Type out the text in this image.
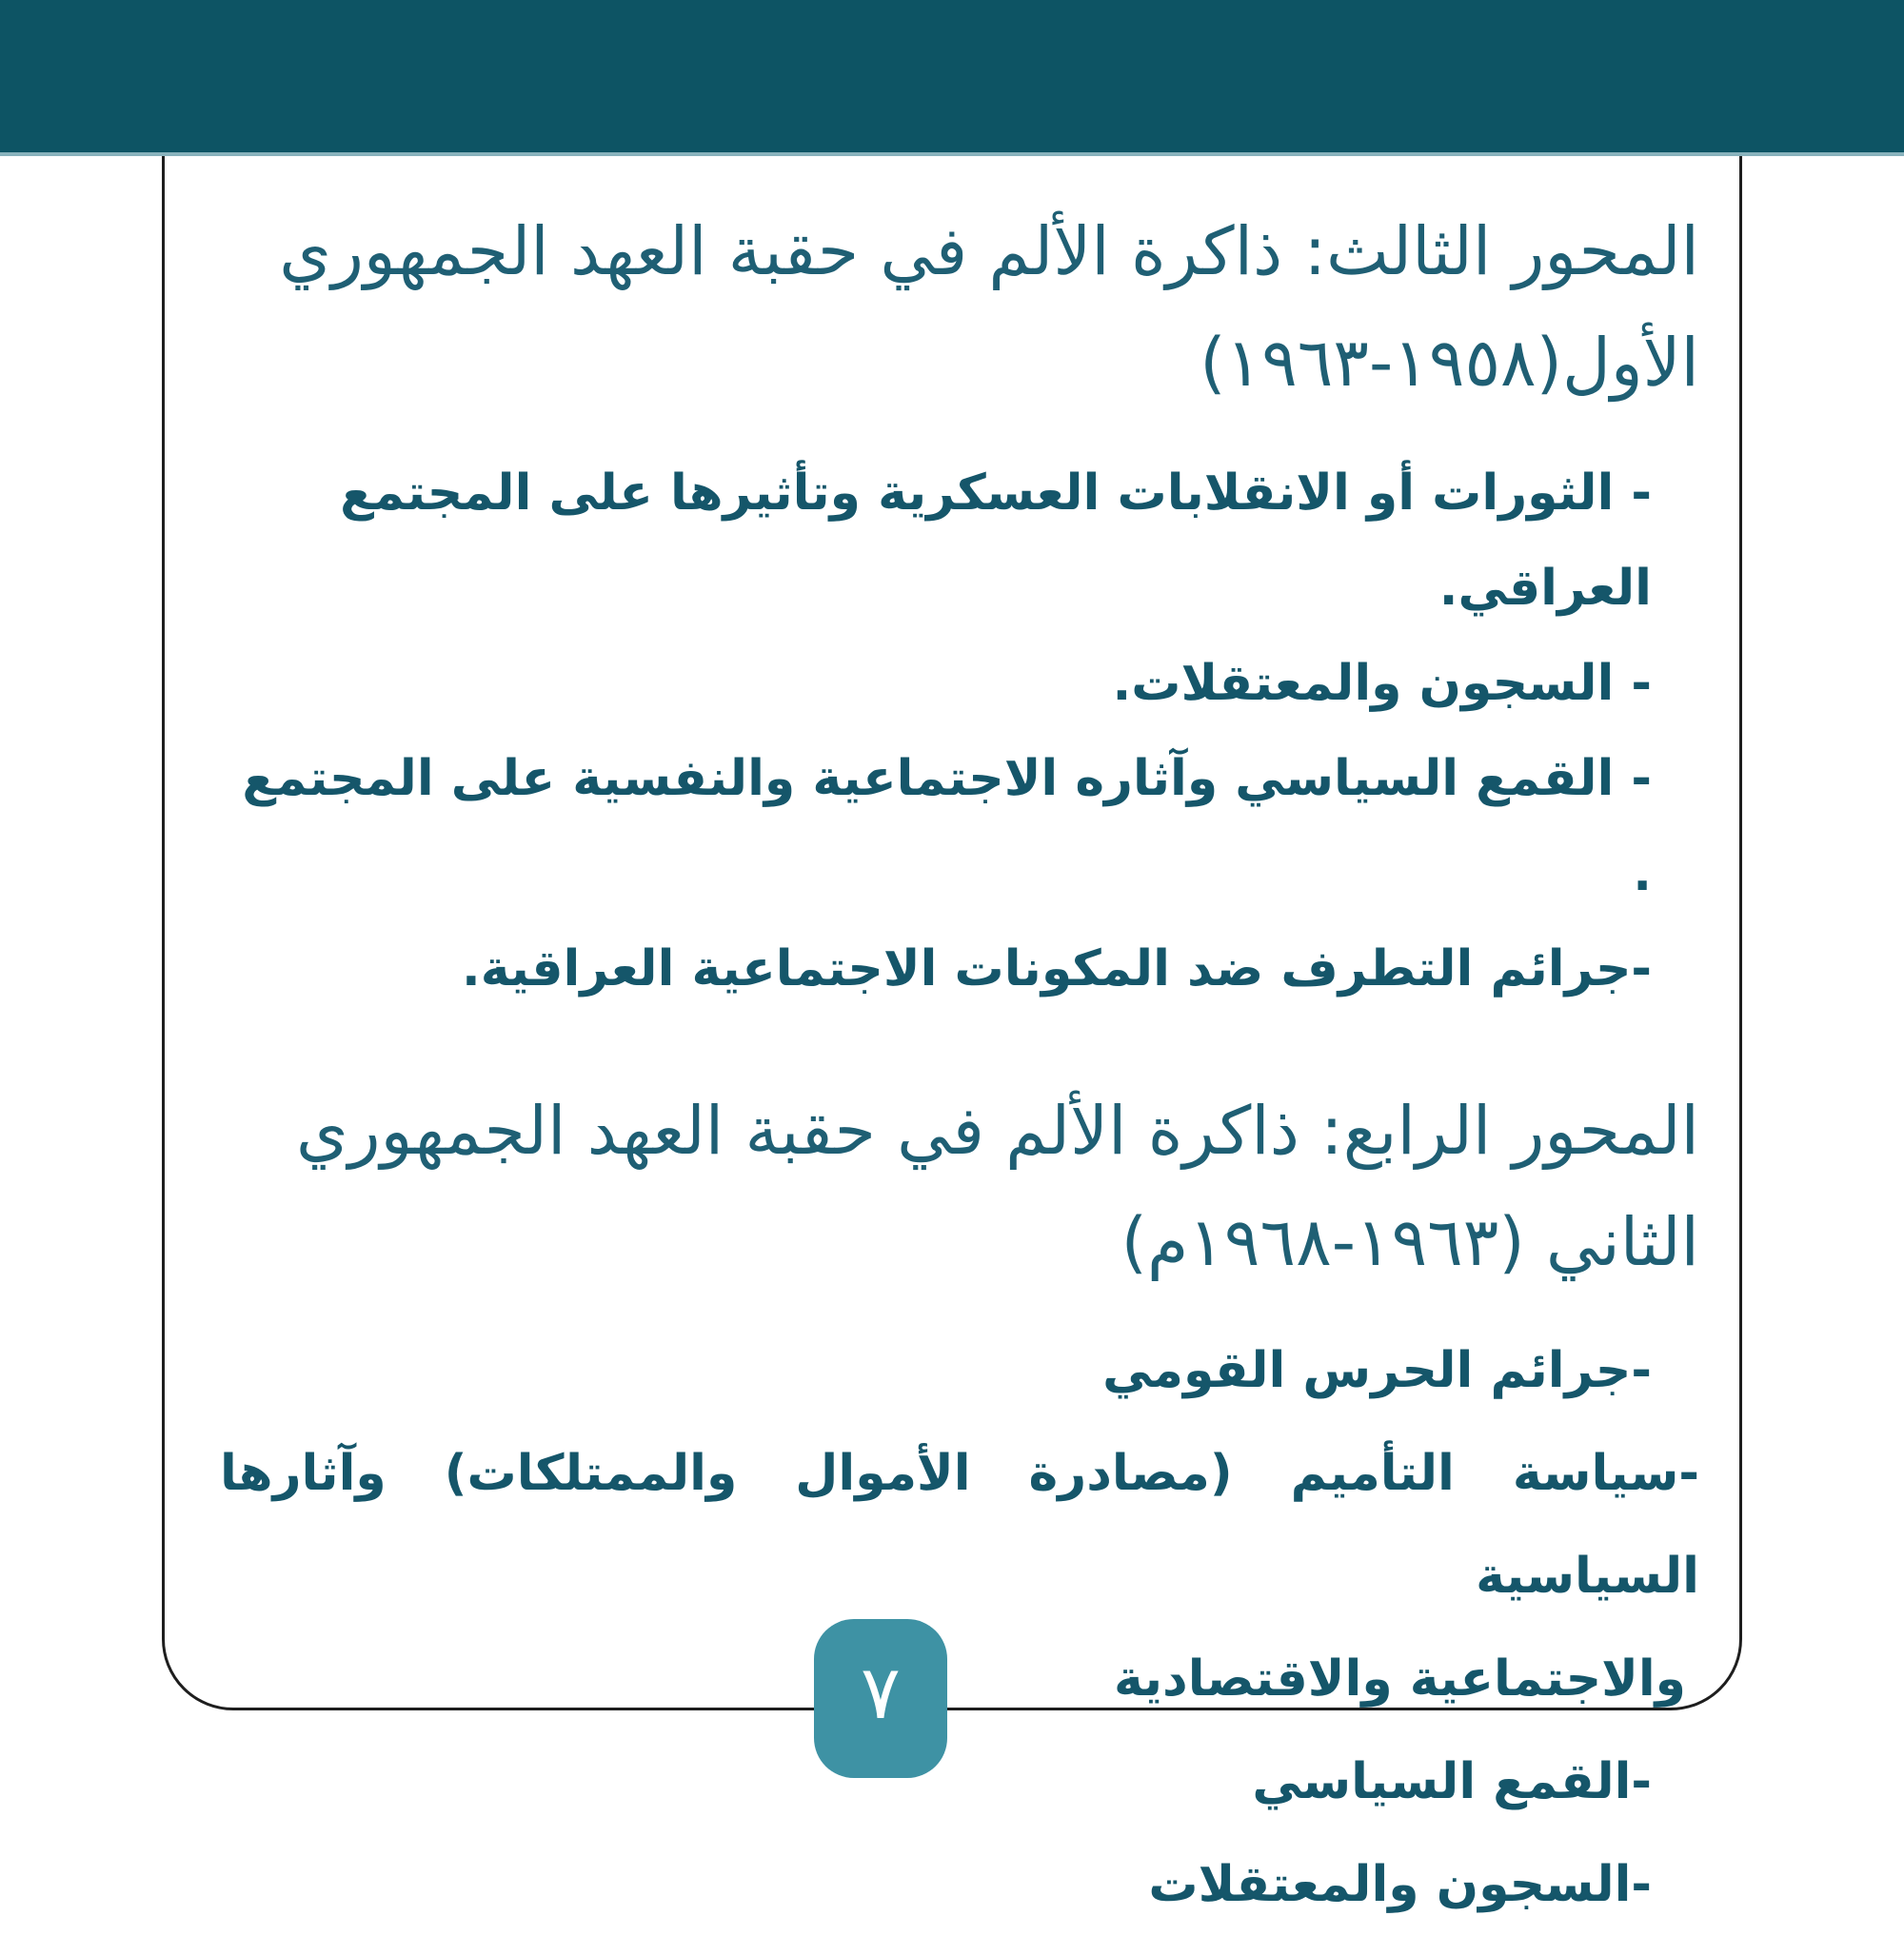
المحور الثالث: ذاكرة الألم في حقبة العهد الجمهوري
الأول(١٩٥٨-١٩٦٣)
- الثورات أو الانقلابات العسكرية وتأثيرها على المجتمع العراقي.
- السجون والمعتقلات.
- القمع السياسي وآثاره الاجتماعية والنفسية على المجتمع .
-جرائم التطرف ضد المكونات الاجتماعية العراقية.
المحور الرابع: ذاكرة الألم في حقبة العهد الجمهوري
الثاني (١٩٦٣-١٩٦٨م)
-جرائم الحرس القومي
-سياسة التأميم (مصادرة الأموال والممتلكات) وآثارها السياسية
والاجتماعية والاقتصادية
-القمع السياسي
-السجون والمعتقلات
٧
